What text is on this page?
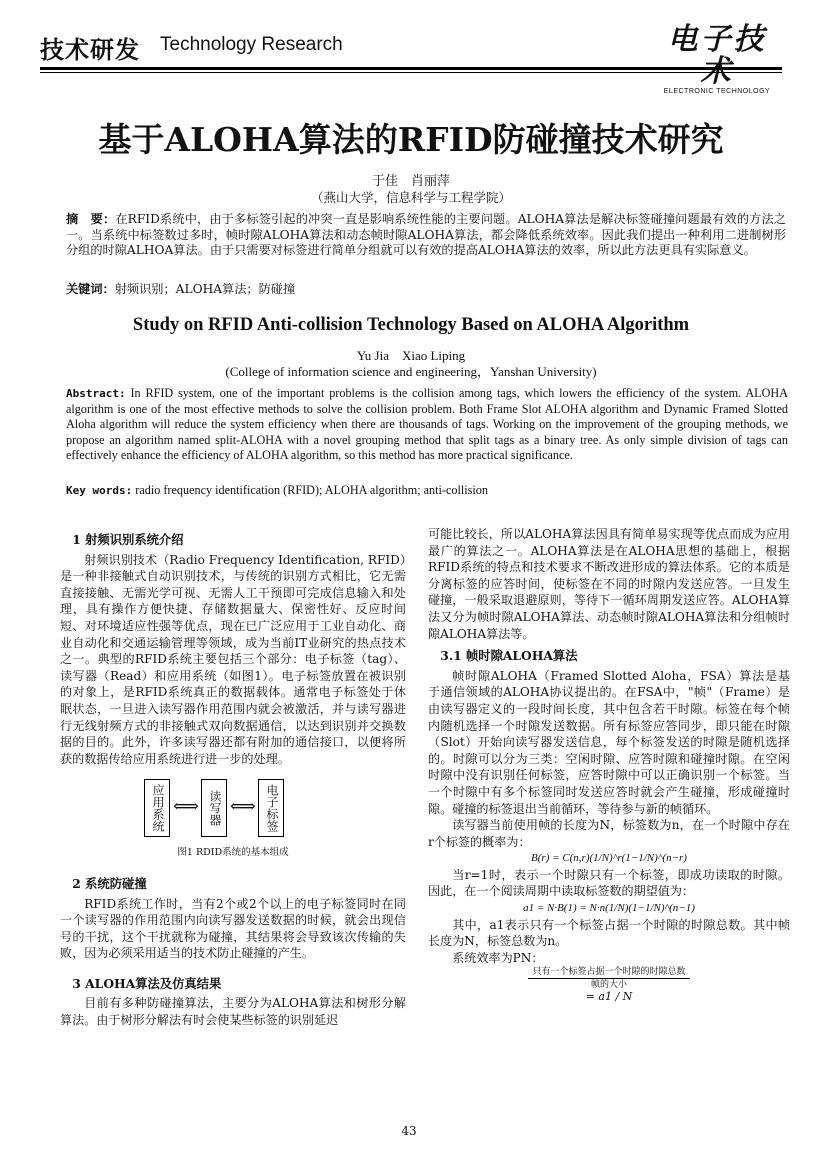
技术研发 Technology Research	电子技
ELECTRONIC TECHNOLOGY
基于ALOHA算法的RFID防碰撞技术研究
于佳　肖丽萍
（燕山大学，信息科学与工程学院）
摘　要：在RFID系统中，由于多标签引起的冲突一直是影响系统性能的主要问题。ALOHA算法是解决标签碰撞问题最有效的方法之一。当系统中标签数过多时，帧时隙ALOHA算法和动态帧时隙ALOHA算法，都会降低系统效率。因此我们提出一种利用二进制树形分组的时隙ALHOA算法。由于只需要对标签进行简单分组就可以有效的提高ALOHA算法的效率，所以此方法更具有实际意义。
关键词：射频识别；ALOHA算法；防碰撞
Study on RFID Anti-collision Technology Based on ALOHA Algorithm
Yu Jia　Xiao Liping
(College of information science and engineering，Yanshan University)
Abstract: In RFID system, one of the important problems is the collision among tags, which lowers the efficiency of the system. ALOHA algorithm is one of the most effective methods to solve the collision problem. Both Frame Slot ALOHA algorithm and Dynamic Framed Slotted Aloha algorithm will reduce the system efficiency when there are thousands of tags. Working on the improvement of the grouping methods, we propose an algorithm named split-ALOHA with a novel grouping method that split tags as a binary tree. As only simple division of tags can effectively enhance the efficiency of ALOHA algorithm, so this method has more practical significance.
Key words: radio frequency identification (RFID); ALOHA algorithm; anti-collision
1 射频识别系统介绍

射频识别技术（Radio Frequency Identification, RFID）是一种非接触式自动识别技术，与传统的识别方式相比，它无需直接接触、无需光学可视、无需人工干预即可完成信息输入和处理，具有操作方便快捷、存储数据量大、保密性好、反应时间短、对环境适应性强等优点，现在已广泛应用于工业自动化、商业自动化和交通运输管理等领域，成为当前IT业研究的热点技术之一。典型的RFID系统主要包括三个部分：电子标签（tag）、读写器（Read）和应用系统（如图1）。电子标签放置在被识别的对象上，是RFID系统真正的数据载体。通常电子标签处于休眠状态，一旦进入读写器作用范围内就会被激活，并与读写器进行无线射频方式的非接触式双向数据通信，以达到识别并交换数据的目的。此外，许多读写器还都有附加的通信接口，以便将所获的数据传给应用系统进行进一步的处理。

应用系统 ⟺ 读写器 ⟺ 电子标签
图1 RDID系统的基本组成
2 系统防碰撞

RFID系统工作时，当有2个或2个以上的电子标签同时在同一个读写器的作用范围内向读写器发送数据的时候，就会出现信号的干扰，这个干扰就称为碰撞，其结果将会导致该次传输的失败，因为必须采用适当的技术防止碰撞的产生。

3 ALOHA算法及仿真结果

目前有多种防碰撞算法，主要分为ALOHA算法和树形分解算法。由于树形分解法有时会使某些标签的识别延迟

可能比较长，所以ALOHA算法因具有简单易实现等优点而成为应用最广的算法之一。ALOHA算法是在ALOHA思想的基础上，根据RFID系统的特点和技术要求不断改进形成的算法体系。它的本质是分离标签的应答时间，使标签在不同的时隙内发送应答。一旦发生碰撞，一般采取退避原则，等待下一循环周期发送应答。ALOHA算法又分为帧时隙ALOHA算法、动态帧时隙ALOHA算法和分组帧时隙ALOHA算法等。

3.1 帧时隙ALOHA算法

帧时隙ALOHA（Framed Slotted Aloha，FSA）算法是基于通信领域的ALOHA协议提出的。在FSA中，"帧"（Frame）是由读写器定义的一段时间长度，其中包含若干时隙。标签在每个帧内随机选择一个时隙发送数据。所有标签应答同步，即只能在时隙（Slot）开始向读写器发送信息，每个标签发送的时隙是随机选择的。时隙可以分为三类：空闲时隙、应答时隙和碰撞时隙。在空闲时隙中没有识别任何标签，应答时隙中可以正确识别一个标签。当一个时隙中有多个标签同时发送应答时就会产生碰撞，形成碰撞时隙。碰撞的标签退出当前循环，等待参与新的帧循环。

读写器当前使用帧的长度为N，标签数为n，在一个时隙中存在r个标签的概率为：

B(r) = C(n,r)(1/N)^r(1−1/N)^(n−r)

当r=1时，表示一个时隙只有一个标签，即成功读取的时隙。因此，在一个阅读周期中读取标签数的期望值为：

a1 = N·B(1) = N·n(1/N)(1−1/N)^(n−1)

其中，a1表示只有一个标签占据一个时隙的时隙总数。其中帧长度为N，标签总数为n。

系统效率为PN：

只有一个标签占据一个时隙的时隙总数
帧的大小
= a1 / N
43
